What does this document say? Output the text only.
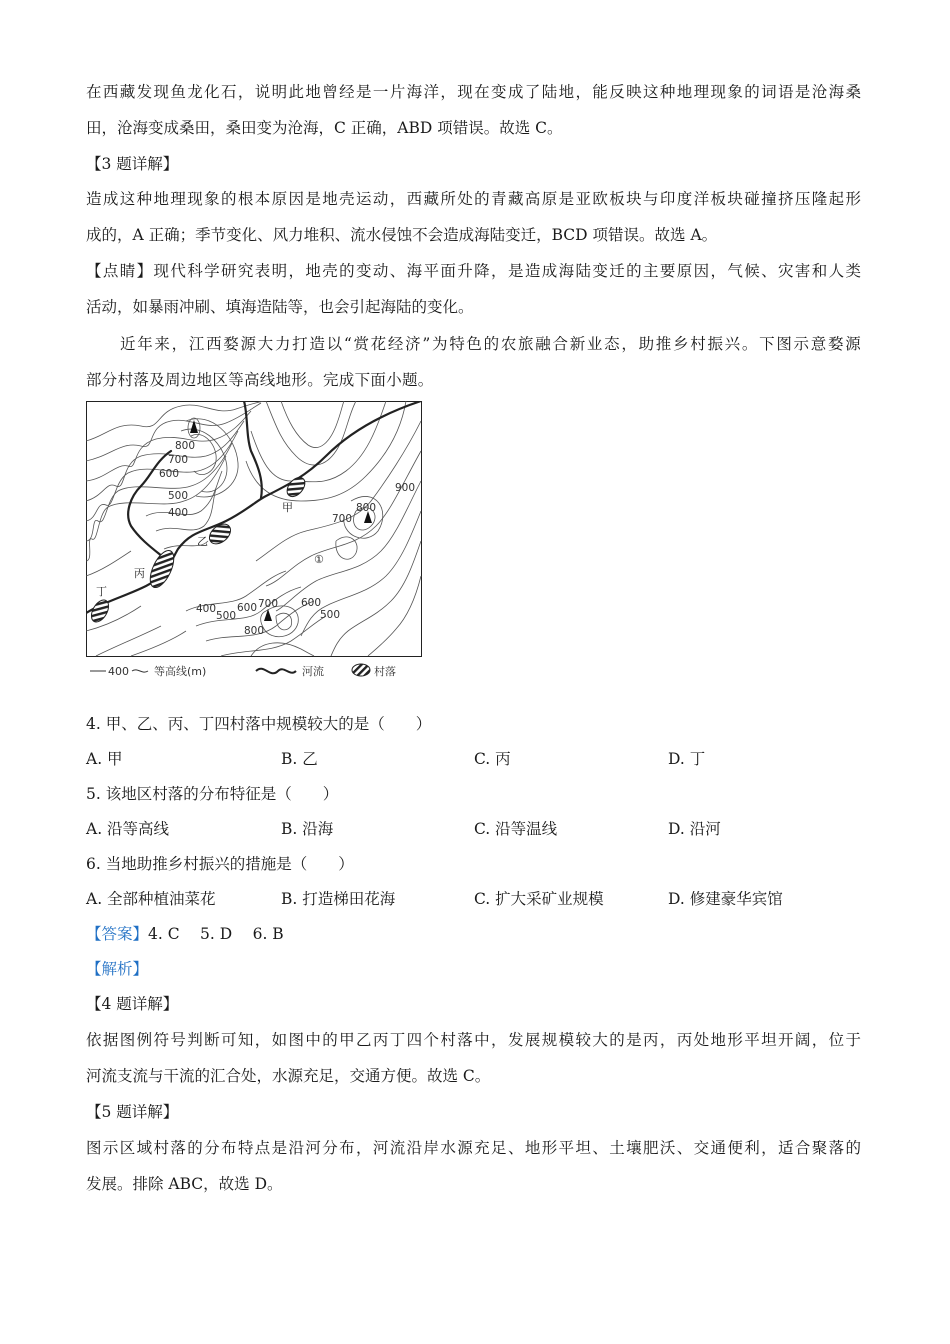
在西藏发现鱼龙化石，说明此地曾经是一片海洋，现在变成了陆地，能反映这种地理现象的词语是沧海桑
田，沧海变成桑田，桑田变为沧海，C 正确，ABD 项错误。故选 C。
【3 题详解】
造成这种地理现象的根本原因是地壳运动，西藏所处的青藏高原是亚欧板块与印度洋板块碰撞挤压隆起形
成的，A 正确；季节变化、风力堆积、流水侵蚀不会造成海陆变迁，BCD 项错误。故选 A。
【点睛】现代科学研究表明，地壳的变动、海平面升降，是造成海陆变迁的主要原因，气候、灾害和人类
活动，如暴雨冲刷、填海造陆等，也会引起海陆的变化。
近年来，江西婺源大力打造以“赏花经济”为特色的农旅融合新业态，助推乡村振兴。下图示意婺源
部分村落及周边地区等高线地形。完成下面小题。
800
700
600
500
400
900
800
700
400
500
600 700 600
500
800
甲
乙
丙
丁
①
400 等高线(m)	河流	村落
4. 甲、乙、丙、丁四村落中规模较大的是（　　）
A. 甲	B. 乙	C. 丙	D. 丁
5. 该地区村落的分布特征是（　　）
A. 沿等高线	B. 沿海	C. 沿等温线	D. 沿河
6. 当地助推乡村振兴的措施是（　　）
A. 全部种植油菜花	B. 打造梯田花海	C. 扩大采矿业规模	D. 修建豪华宾馆
【答案】4. C　 5. D　 6. B
【解析】
【4 题详解】
依据图例符号判断可知，如图中的甲乙丙丁四个村落中，发展规模较大的是丙，丙处地形平坦开阔，位于
河流支流与干流的汇合处，水源充足，交通方便。故选 C。
【5 题详解】
图示区域村落的分布特点是沿河分布，河流沿岸水源充足、地形平坦、土壤肥沃、交通便利，适合聚落的
发展。排除 ABC，故选 D。
